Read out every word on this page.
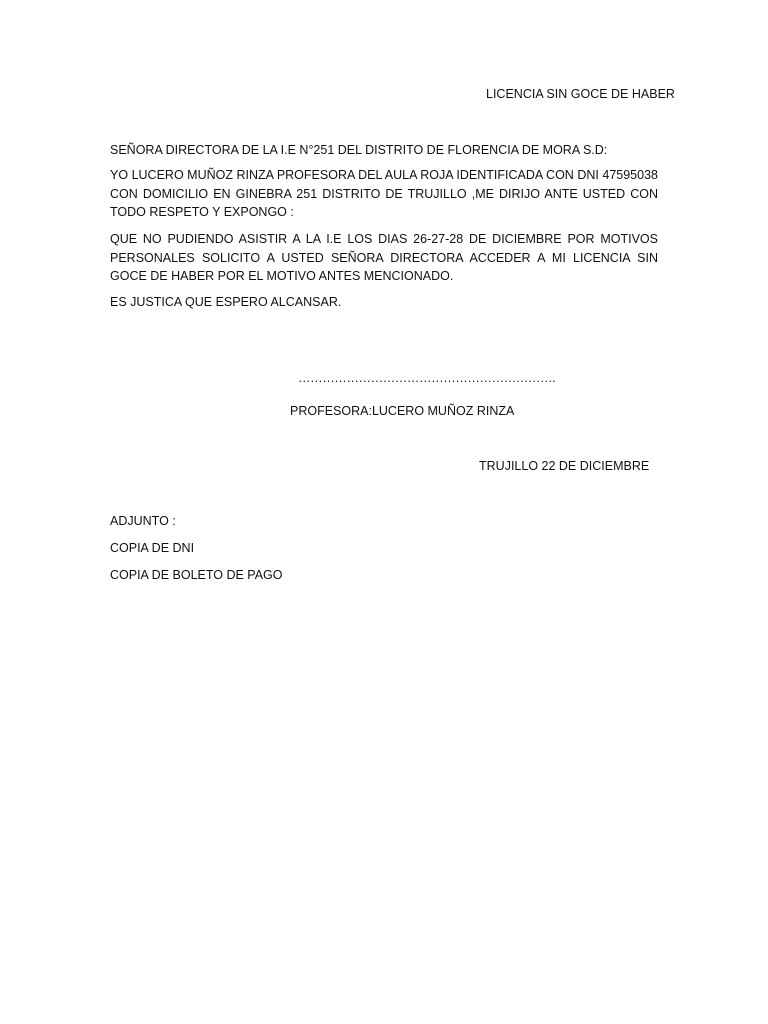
LICENCIA SIN GOCE DE HABER
SEÑORA DIRECTORA DE LA I.E N°251 DEL DISTRITO DE FLORENCIA DE MORA S.D:
YO LUCERO MUÑOZ RINZA PROFESORA DEL AULA ROJA IDENTIFICADA CON DNI 47595038 CON DOMICILIO EN GINEBRA 251 DISTRITO DE TRUJILLO ,ME DIRIJO ANTE USTED CON TODO RESPETO Y EXPONGO :
QUE NO PUDIENDO ASISTIR A LA I.E LOS DIAS 26-27-28 DE DICIEMBRE POR MOTIVOS PERSONALES SOLICITO A USTED SEÑORA DIRECTORA ACCEDER A MI LICENCIA SIN GOCE DE HABER POR EL MOTIVO ANTES MENCIONADO.
ES JUSTICA QUE ESPERO ALCANSAR.
……………………………………………………….
PROFESORA:LUCERO MUÑOZ RINZA
TRUJILLO 22 DE DICIEMBRE
ADJUNTO :
COPIA DE DNI
COPIA DE BOLETO DE PAGO
